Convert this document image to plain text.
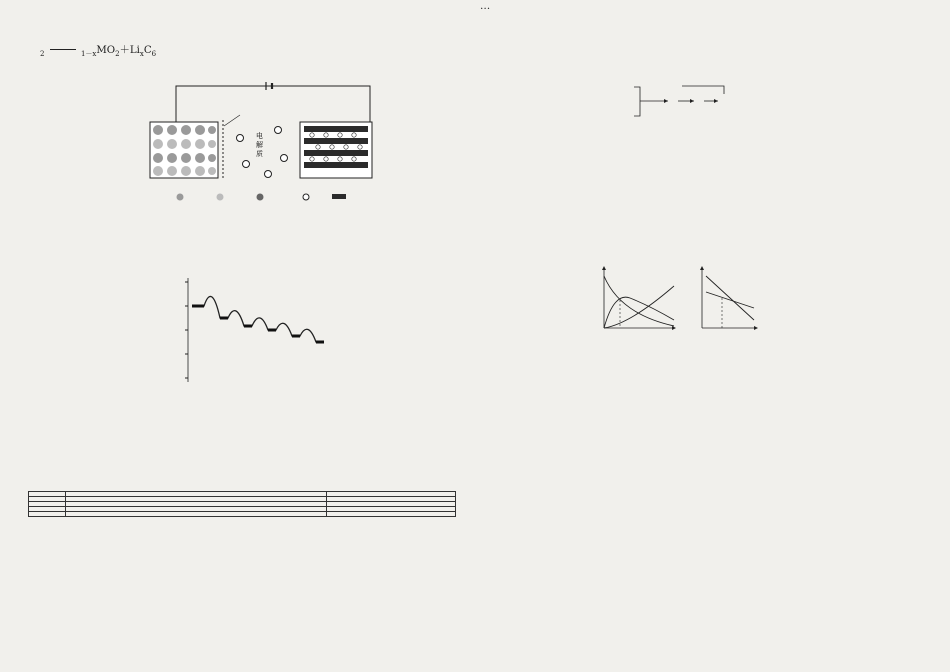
$_2$	$_{1-x}MO_2+Li_xC_6$

电解质

…
